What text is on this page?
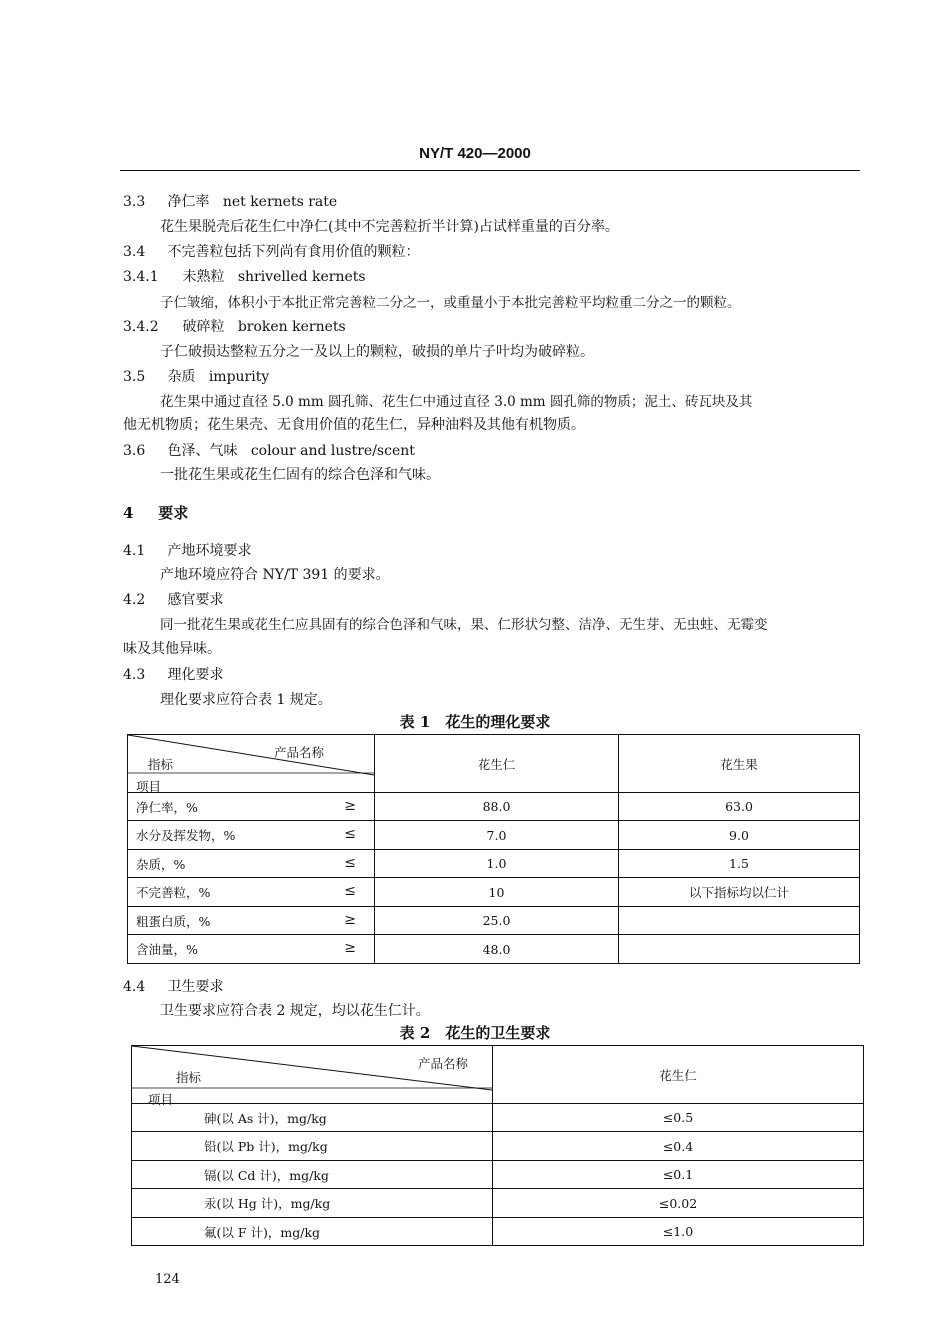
NY/T 420—2000
3.3 净仁率 net kernets rate
花生果脱壳后花生仁中净仁(其中不完善粒折半计算)占试样重量的百分率。
3.4 不完善粒包括下列尚有食用价值的颗粒：
3.4.1 未熟粒 shrivelled kernets
子仁皱缩，体积小于本批正常完善粒二分之一，或重量小于本批完善粒平均粒重二分之一的颗粒。
3.4.2 破碎粒 broken kernets
子仁破损达整粒五分之一及以上的颗粒，破损的单片子叶均为破碎粒。
3.5 杂质 impurity
花生果中通过直径 5.0 mm 圆孔筛、花生仁中通过直径 3.0 mm 圆孔筛的物质；泥土、砖瓦块及其
他无机物质；花生果壳、无食用价值的花生仁，异种油料及其他有机物质。
3.6 色泽、气味 colour and lustre/scent
一批花生果或花生仁固有的综合色泽和气味。
4 要求
4.1 产地环境要求
产地环境应符合 NY/T 391 的要求。
4.2 感官要求
同一批花生果或花生仁应具固有的综合色泽和气味，果、仁形状匀整、洁净、无生芽、无虫蛀、无霉变
味及其他异味。
4.3 理化要求
理化要求应符合表 1 规定。
表 1　花生的理化要求
产品名称
指标
项目	花生仁	花生果
净仁率，% ≥	88.0	63.0
水分及挥发物，% ≤	7.0	9.0
杂质，% ≤	1.0	1.5
不完善粒，% ≤	10	以下指标均以仁计
粗蛋白质，% ≥	25.0	
含油量，% ≥	48.0	
4.4 卫生要求
卫生要求应符合表 2 规定，均以花生仁计。
表 2　花生的卫生要求
产品名称
指标
项目	花生仁
砷(以 As 计)，mg/kg	≤0.5
铅(以 Pb 计)，mg/kg	≤0.4
镉(以 Cd 计)，mg/kg	≤0.1
汞(以 Hg 计)，mg/kg	≤0.02
氟(以 F 计)，mg/kg	≤1.0
124
